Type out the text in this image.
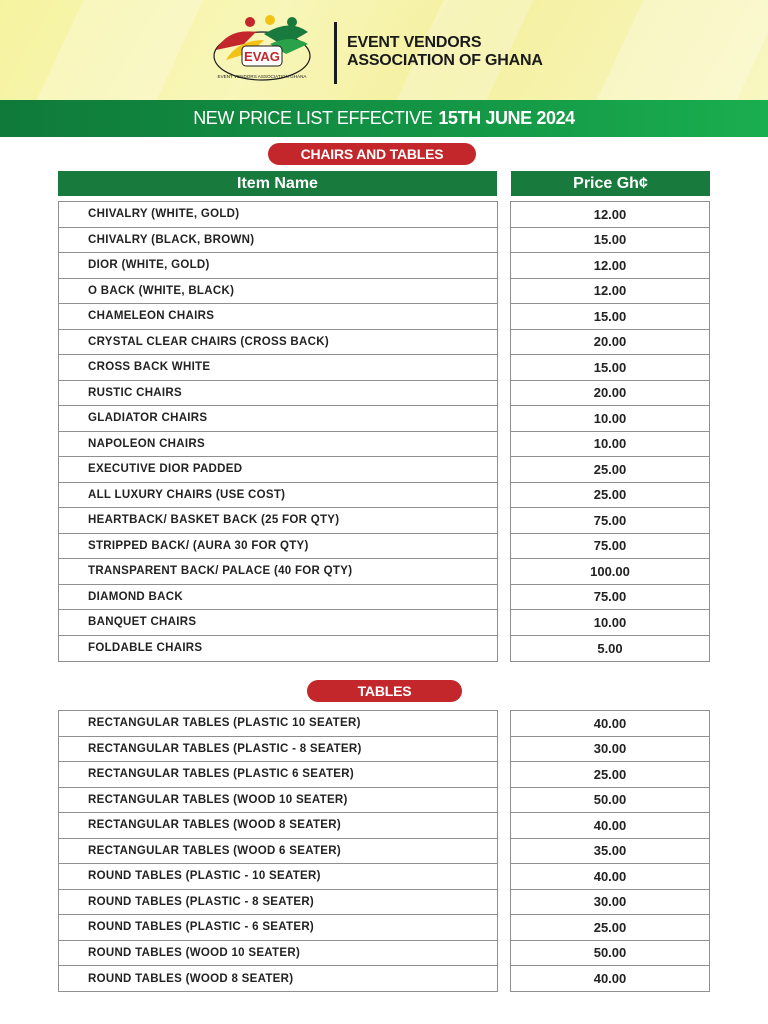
EVAG
EVENT VENDORS ASSOCIATION GHANA
EVENT VENDORS
ASSOCIATION OF GHANA
NEW PRICE LIST EFFECTIVE 15TH JUNE 2024
CHAIRS AND TABLES
Item Name	Price Gh¢
CHIVALRY (WHITE, GOLD)
CHIVALRY (BLACK, BROWN)
DIOR (WHITE, GOLD)
O BACK (WHITE, BLACK)
CHAMELEON CHAIRS
CRYSTAL CLEAR CHAIRS (CROSS BACK)
CROSS BACK WHITE
RUSTIC CHAIRS
GLADIATOR CHAIRS
NAPOLEON CHAIRS
EXECUTIVE DIOR PADDED
ALL LUXURY CHAIRS (USE COST)
HEARTBACK/ BASKET BACK (25 FOR QTY)
STRIPPED BACK/ (AURA 30 FOR QTY)
TRANSPARENT BACK/ PALACE (40 FOR QTY)
DIAMOND BACK
BANQUET CHAIRS
FOLDABLE CHAIRS
12.00
15.00
12.00
12.00
15.00
20.00
15.00
20.00
10.00
10.00
25.00
25.00
75.00
75.00
100.00
75.00
10.00
5.00
TABLES
RECTANGULAR TABLES (PLASTIC 10 SEATER)
RECTANGULAR TABLES (PLASTIC - 8 SEATER)
RECTANGULAR TABLES (PLASTIC 6 SEATER)
RECTANGULAR TABLES (WOOD 10 SEATER)
RECTANGULAR TABLES (WOOD 8 SEATER)
RECTANGULAR TABLES (WOOD 6 SEATER)
ROUND TABLES (PLASTIC - 10 SEATER)
ROUND TABLES (PLASTIC - 8 SEATER)
ROUND TABLES (PLASTIC - 6 SEATER)
ROUND TABLES (WOOD 10 SEATER)
ROUND TABLES (WOOD 8 SEATER)
40.00
30.00
25.00
50.00
40.00
35.00
40.00
30.00
25.00
50.00
40.00
